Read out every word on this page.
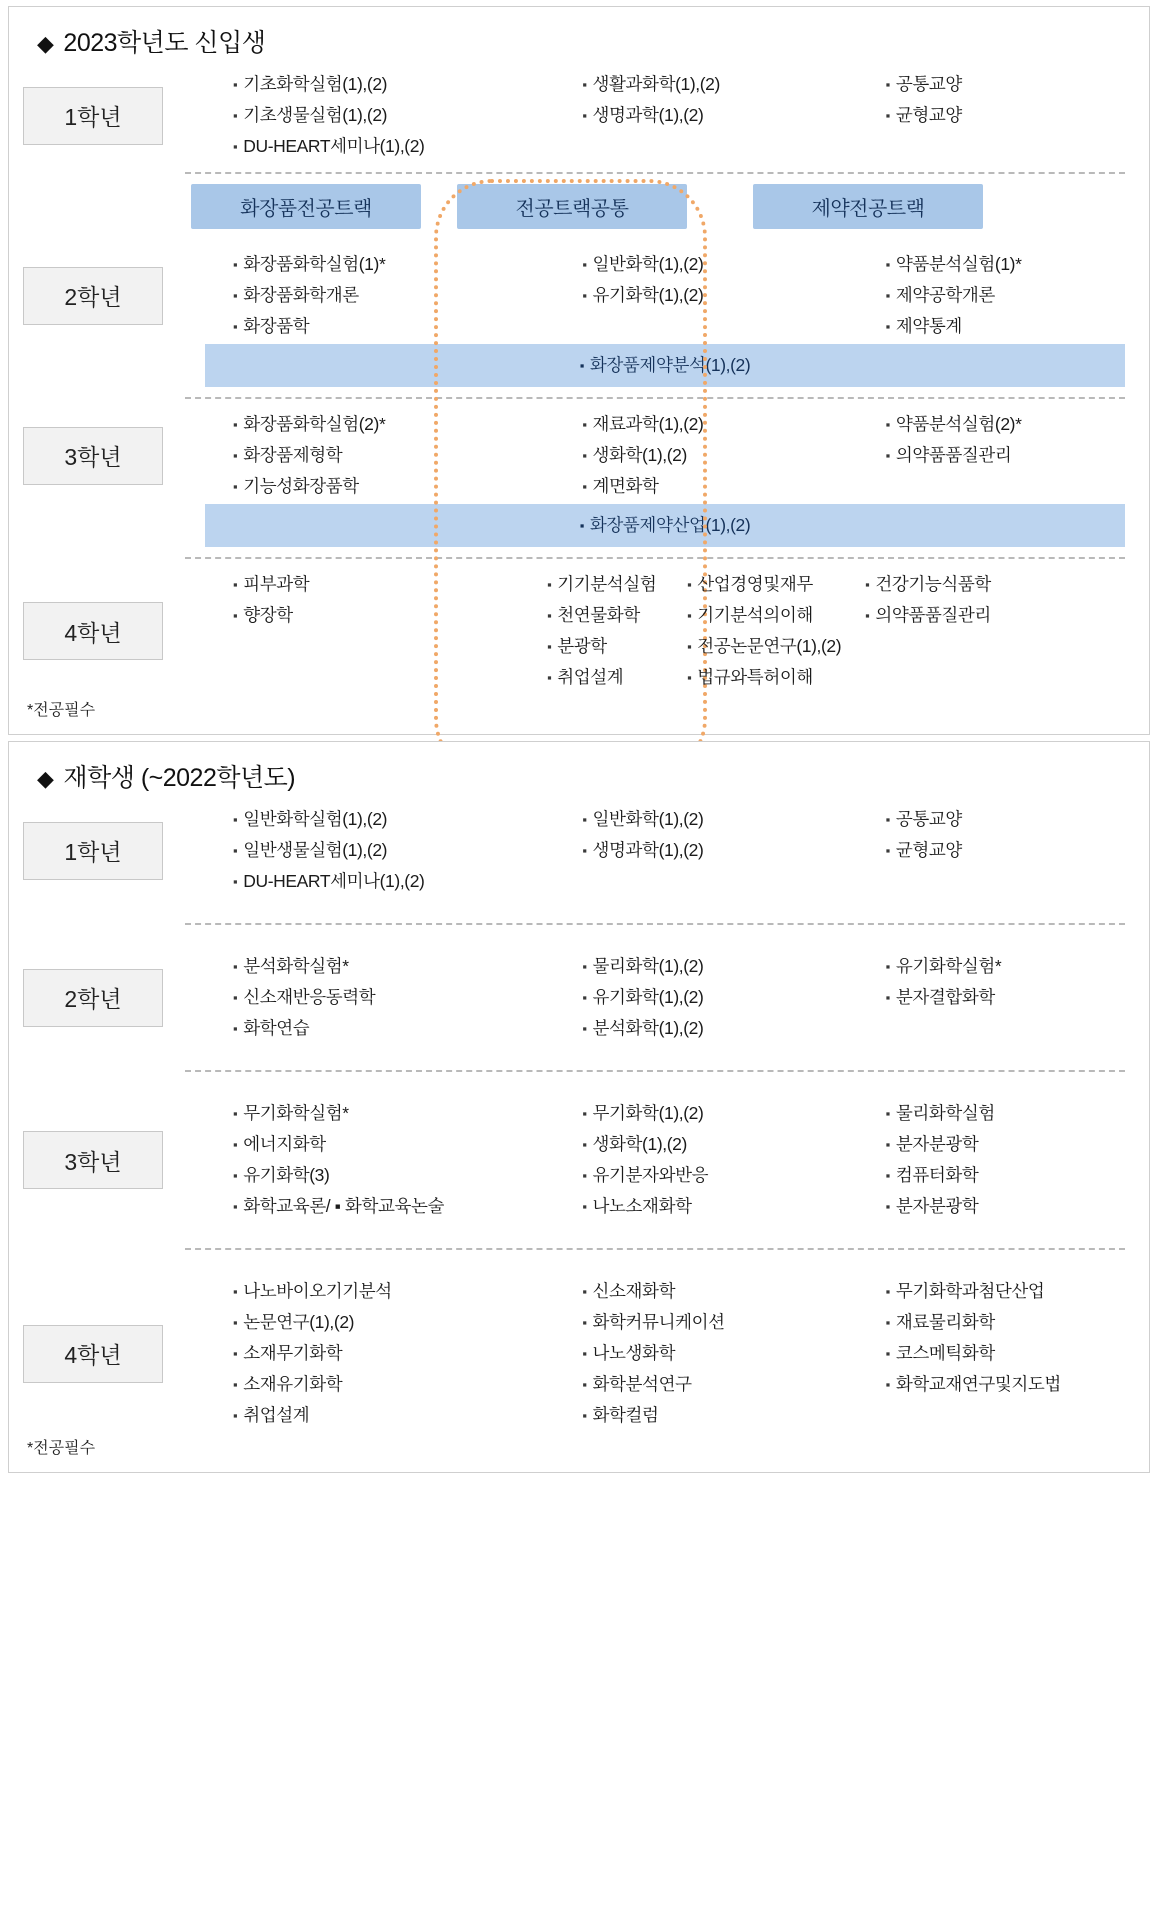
◆ 2023학년도 신입생
1학년
▪ 기초화학실험(1),(2)
▪ 기초생물실험(1),(2)
▪ DU-HEART세미나(1),(2)
▪ 생활과화학(1),(2)
▪ 생명과학(1),(2)
▪ 공통교양
▪ 균형교양
화장품전공트랙	전공트랙공통	제약전공트랙
2학년
▪ 화장품화학실험(1)*
▪ 화장품화학개론
▪ 화장품학
▪ 일반화학(1),(2)
▪ 유기화학(1),(2)
▪ 약품분석실험(1)*
▪ 제약공학개론
▪ 제약통계
▪ 화장품제약분석(1),(2)
3학년
▪ 화장품화학실험(2)*
▪ 화장품제형학
▪ 기능성화장품학
▪ 재료과학(1),(2)
▪ 생화학(1),(2)
▪ 계면화학
▪ 약품분석실험(2)*
▪ 의약품품질관리
▪ 화장품제약산업(1),(2)
4학년
▪ 피부과학
▪ 향장학
▪ 기기분석실험
▪ 천연물화학
▪ 분광학
▪ 취업설계
▪ 산업경영및재무
▪ 기기분석의이해
▪ 전공논문연구(1),(2)
▪ 법규와특허이해
▪ 건강기능식품학
▪ 의약품품질관리
*전공필수
◆ 재학생 (~2022학년도)
1학년
▪ 일반화학실험(1),(2)
▪ 일반생물실험(1),(2)
▪ DU-HEART세미나(1),(2)
▪ 일반화학(1),(2)
▪ 생명과학(1),(2)
▪ 공통교양
▪ 균형교양
2학년
▪ 분석화학실험*
▪ 신소재반응동력학
▪ 화학연습
▪ 물리화학(1),(2)
▪ 유기화학(1),(2)
▪ 분석화학(1),(2)
▪ 유기화학실험*
▪ 분자결합화학
3학년
▪ 무기화학실험*
▪ 에너지화학
▪ 유기화학(3)
▪ 화학교육론/ ▪ 화학교육논술
▪ 무기화학(1),(2)
▪ 생화학(1),(2)
▪ 유기분자와반응
▪ 나노소재화학
▪ 물리화학실험
▪ 분자분광학
▪ 컴퓨터화학
▪ 분자분광학
4학년
▪ 나노바이오기기분석
▪ 논문연구(1),(2)
▪ 소재무기화학
▪ 소재유기화학
▪ 취업설계
▪ 신소재화학
▪ 화학커뮤니케이션
▪ 나노생화학
▪ 화학분석연구
▪ 화학컬럼
▪ 무기화학과첨단산업
▪ 재료물리화학
▪ 코스메틱화학
▪ 화학교재연구및지도법
*전공필수
